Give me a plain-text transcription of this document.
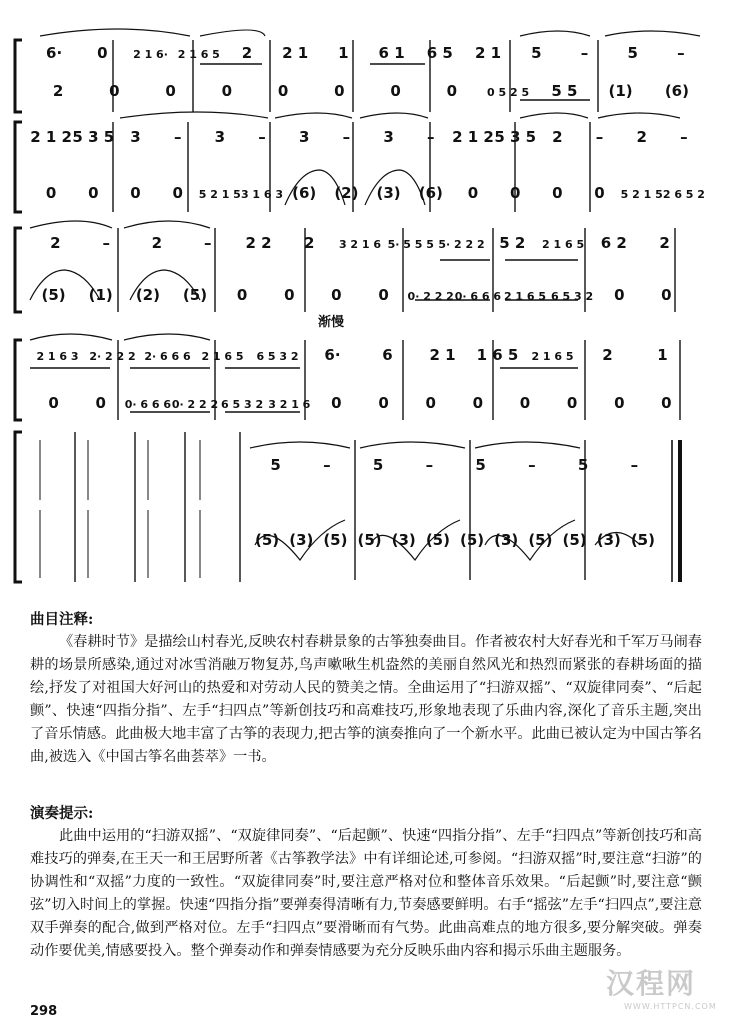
6· 0 2 1 6· 2 1 6 5 2 2 1 1 6 1 6 5 2 1 5	–	5	–
2	0	0	0	0	0	0	0	0 5 2 5 5 5 (1) (6)
2 1 2 5 3 5 3 – 3 – 3 – 3 – 2 1 2 5 3 5 2 – 2 –
0 0 0 0 5 2 1 5 3 1 6 3 (6) (2) (3) (6) 0 0 0 0 5 2 1 5 2 6 5 2
2	–	2	– 2 2 2 3 2 1 6 5· 5 5 5 5· 2 2 2 5 2 2 1 6 5 6 2 2
(5) (1) (2) (5) 0 0 0 0 0· 2 2 2 0· 6 6 6 2 1 6 5 6 5 3 2 0 0
2 1 6 3 2· 2 2 2 2· 6 6 6 2 1 6 5 6 5 3 2 6·	6 2 1 1 6 5 2 1 6 5 2	1
0 0 0· 6 6 6 0· 2 2 2 6 5 3 2 3 2 1 6 0 0 0 0 0 0 0 0
5	–	5	–	5	–	5	–
(5) (3) (5) (5) (3) (5) (5) (3) (5) (5) (3) (5)
渐慢

曲目注释:

《春耕时节》是描绘山村春光,反映农村春耕景象的古筝独奏曲目。作者被农村大好春光和千军万马闹春耕的场景所感染,通过对冰雪消融万物复苏,鸟声嗽啾生机盎然的美丽自然风光和热烈而紧张的春耕场面的描绘,抒发了对祖国大好河山的热爱和对劳动人民的赞美之情。全曲运用了“扫游双摇”、“双旋律同奏”、“后起颤”、快速“四指分指”、左手“扫四点”等新创技巧和高难技巧,形象地表现了乐曲内容,深化了音乐主题,突出了音乐情感。此曲极大地丰富了古筝的表现力,把古筝的演奏推向了一个新水平。此曲已被认定为中国古筝名曲,被选入《中国古筝名曲荟萃》一书。

演奏提示:

此曲中运用的“扫游双摇”、“双旋律同奏”、“后起颤”、快速“四指分指”、左手“扫四点”等新创技巧和高难技巧的弹奏,在王天一和王居野所著《古筝教学法》中有详细论述,可参阅。“扫游双摇”时,要注意“扫游”的协调性和“双摇”力度的一致性。“双旋律同奏”时,要注意严格对位和整体音乐效果。“后起颤”时,要注意“颤弦”切入时间上的掌握。快速“四指分指”要弹奏得清晰有力,节奏感要鲜明。右手“摇弦”左手“扫四点”,要注意双手弹奏的配合,做到严格对位。左手“扫四点”要滑晰而有气势。此曲高难点的地方很多,要分解突破。弹奏动作要优美,情感要投入。整个弹奏动作和弹奏情感要为充分反映乐曲内容和揭示乐曲主题服务。

298
汉程网
WWW.HTTPCN.COM
